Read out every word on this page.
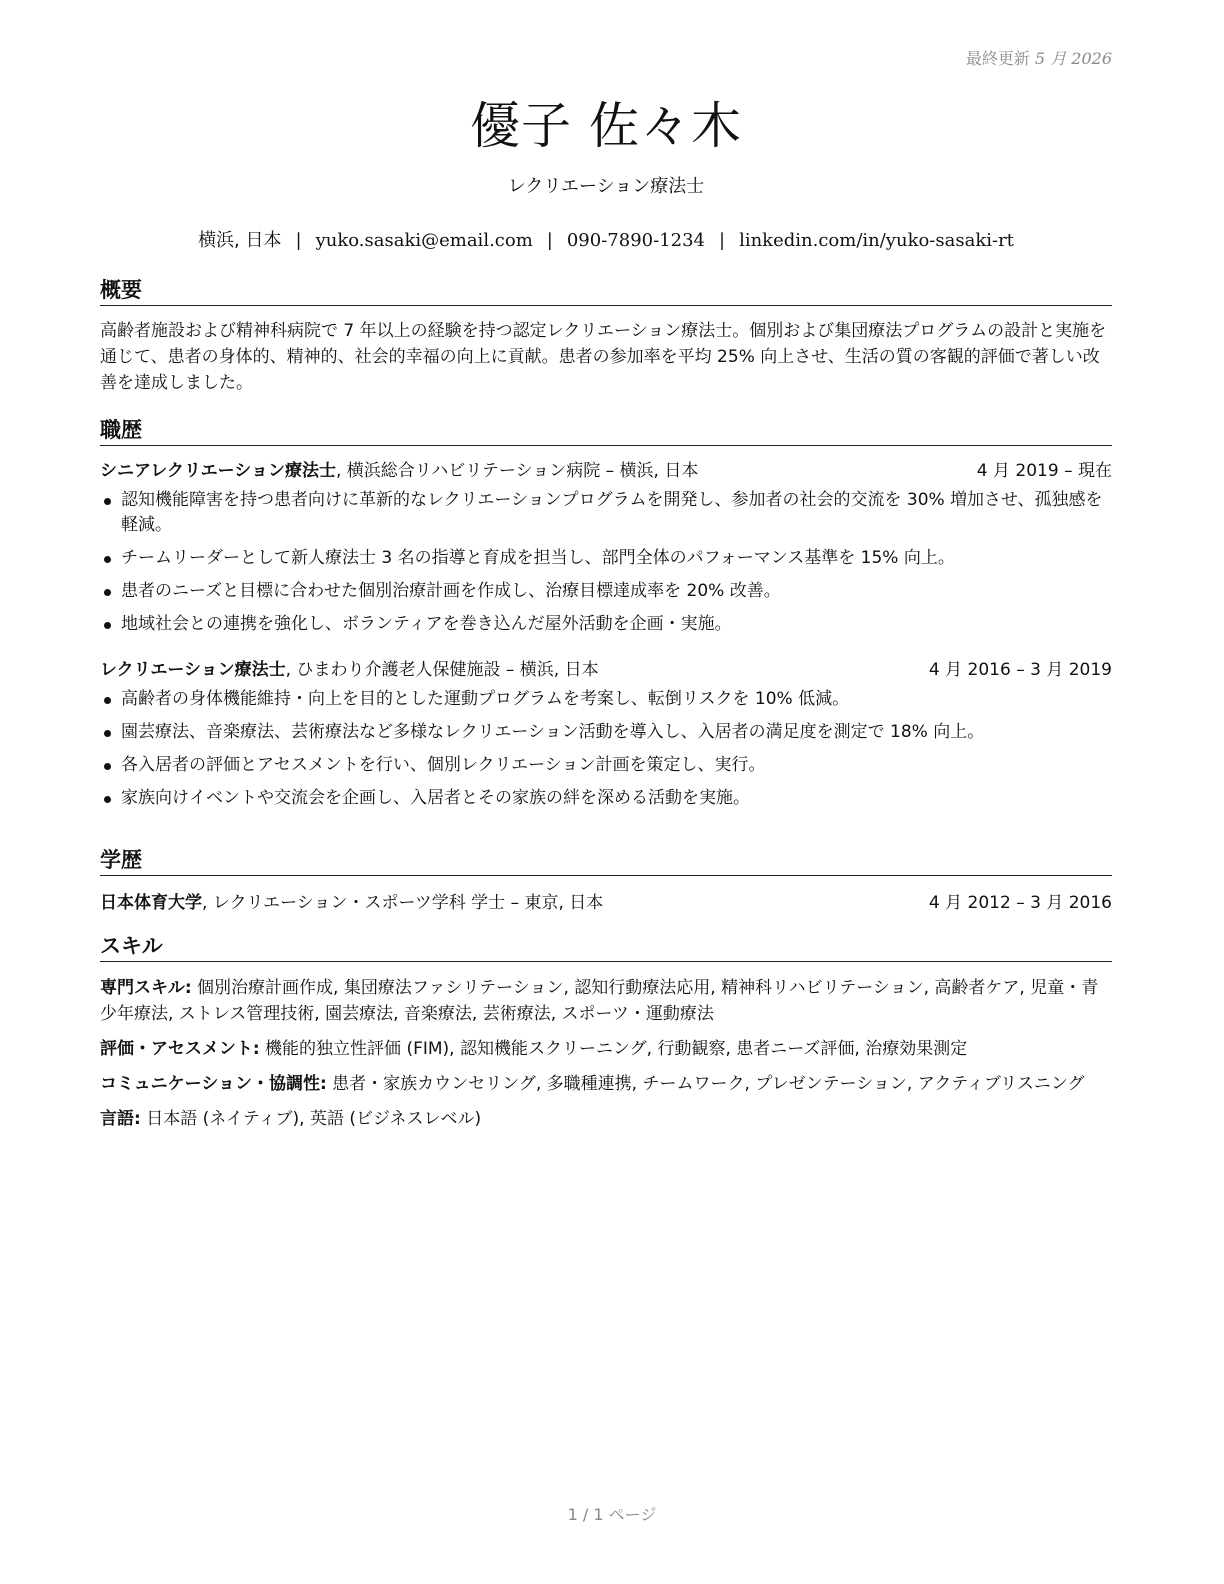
最終更新 5 月 2026
優子 佐々木
レクリエーション療法士
横浜, 日本 | yuko.sasaki@email.com | 090-7890-1234 | linkedin.com/in/yuko-sasaki-rt
概要
高齢者施設および精神科病院で 7 年以上の経験を持つ認定レクリエーション療法士。個別および集団療法プログラムの設計と実施を通じて、患者の身体的、精神的、社会的幸福の向上に貢献。患者の参加率を平均 25% 向上させ、生活の質の客観的評価で著しい改善を達成しました。
職歴
シニアレクリエーション療法士, 横浜総合リハビリテーション病院 – 横浜, 日本	4 月 2019 – 現在
認知機能障害を持つ患者向けに革新的なレクリエーションプログラムを開発し、参加者の社会的交流を 30% 増加させ、孤独感を軽減。
チームリーダーとして新人療法士 3 名の指導と育成を担当し、部門全体のパフォーマンス基準を 15% 向上。
患者のニーズと目標に合わせた個別治療計画を作成し、治療目標達成率を 20% 改善。
地域社会との連携を強化し、ボランティアを巻き込んだ屋外活動を企画・実施。
レクリエーション療法士, ひまわり介護老人保健施設 – 横浜, 日本	4 月 2016 – 3 月 2019
高齢者の身体機能維持・向上を目的とした運動プログラムを考案し、転倒リスクを 10% 低減。
園芸療法、音楽療法、芸術療法など多様なレクリエーション活動を導入し、入居者の満足度を測定で 18% 向上。
各入居者の評価とアセスメントを行い、個別レクリエーション計画を策定し、実行。
家族向けイベントや交流会を企画し、入居者とその家族の絆を深める活動を実施。
学歴
日本体育大学, レクリエーション・スポーツ学科 学士 – 東京, 日本	4 月 2012 – 3 月 2016
スキル
専門スキル: 個別治療計画作成, 集団療法ファシリテーション, 認知行動療法応用, 精神科リハビリテーション, 高齢者ケア, 児童・青少年療法, ストレス管理技術, 園芸療法, 音楽療法, 芸術療法, スポーツ・運動療法
評価・アセスメント: 機能的独立性評価 (FIM), 認知機能スクリーニング, 行動観察, 患者ニーズ評価, 治療効果測定
コミュニケーション・協調性: 患者・家族カウンセリング, 多職種連携, チームワーク, プレゼンテーション, アクティブリスニング
言語: 日本語 (ネイティブ), 英語 (ビジネスレベル)
1 / 1 ページ
